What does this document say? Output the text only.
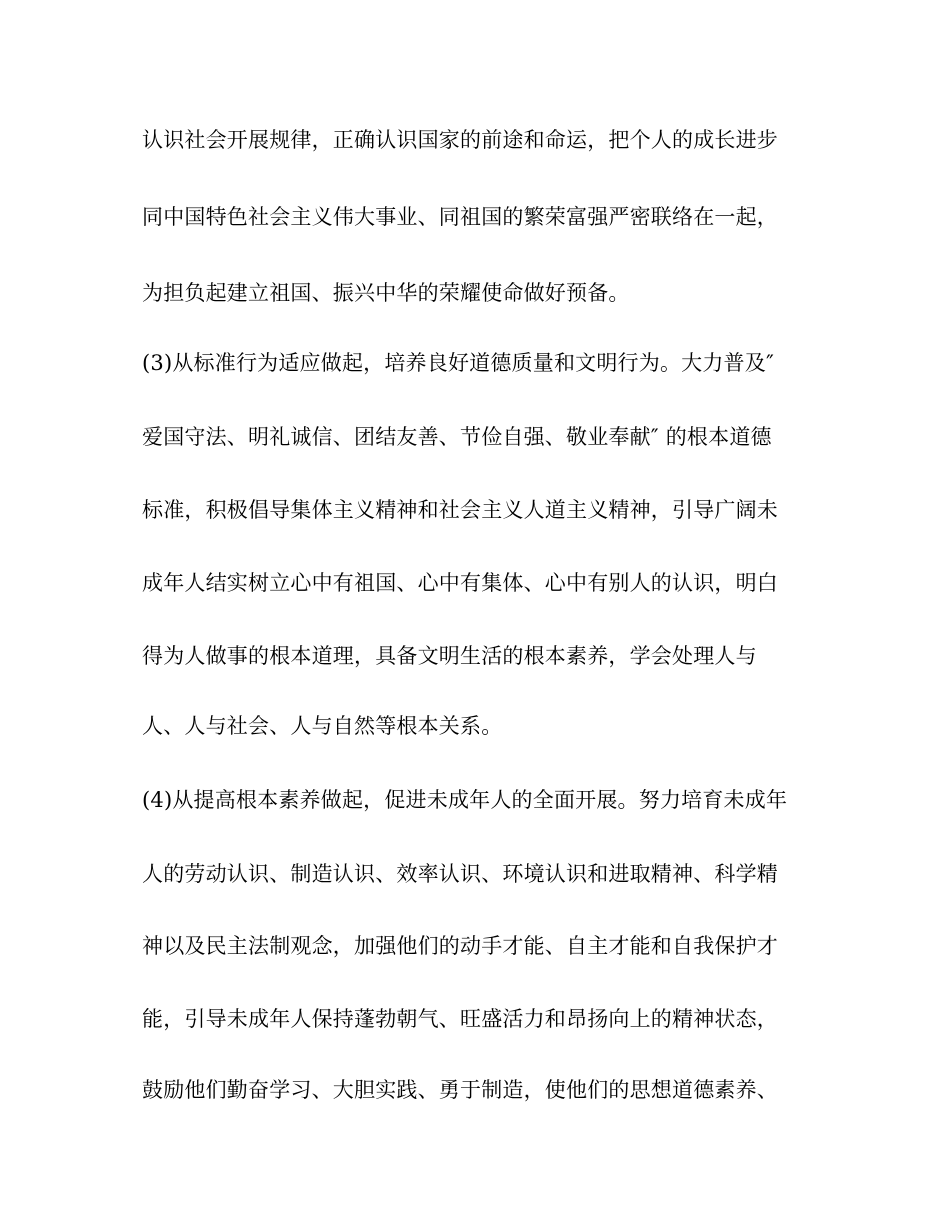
认识社会开展规律，正确认识国家的前途和命运，把个人的成长进步
同中国特色社会主义伟大事业、同祖国的繁荣富强严密联络在一起，
为担负起建立祖国、振兴中华的荣耀使命做好预备。
(3)从标准行为适应做起，培养良好道德质量和文明行为。大力普及″
爱国守法、明礼诚信、团结友善、节俭自强、敬业奉献″ 的根本道德
标准，积极倡导集体主义精神和社会主义人道主义精神，引导广阔未
成年人结实树立心中有祖国、心中有集体、心中有别人的认识，明白
得为人做事的根本道理，具备文明生活的根本素养，学会处理人与
人、人与社会、人与自然等根本关系。
(4)从提高根本素养做起，促进未成年人的全面开展。努力培育未成年
人的劳动认识、制造认识、效率认识、环境认识和进取精神、科学精
神以及民主法制观念，加强他们的动手才能、自主才能和自我保护才
能，引导未成年人保持蓬勃朝气、旺盛活力和昂扬向上的精神状态，
鼓励他们勤奋学习、大胆实践、勇于制造，使他们的思想道德素养、
